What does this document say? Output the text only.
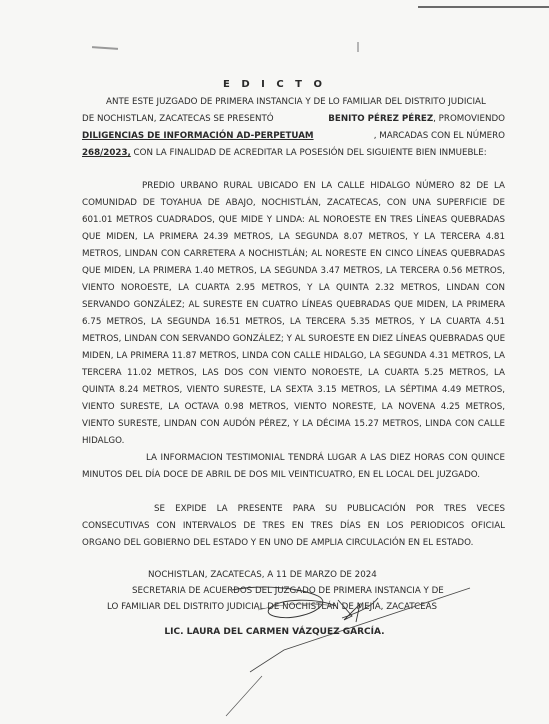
E D I C T O
ANTE ESTE JUZGADO DE PRIMERA INSTANCIA Y DE LO FAMILIAR DEL DISTRITO JUDICIAL
DE NOCHISTLAN, ZACATECAS SE PRESENTÓ	BENITO PÉREZ PÉREZ, PROMOVIENDO
DILIGENCIAS DE INFORMACIÓN AD-PERPETUAM	, MARCADAS CON EL NÚMERO
268/2023, CON LA FINALIDAD DE ACREDITAR LA POSESIÓN DEL SIGUIENTE BIEN INMUEBLE:
PREDIO URBANO RURAL UBICADO EN LA CALLE HIDALGO NÚMERO 82 DE LA
COMUNIDAD DE TOYAHUA DE ABAJO, NOCHISTLÁN, ZACATECAS, CON UNA SUPERFICIE DE
601.01 METROS CUADRADOS, QUE MIDE Y LINDA: AL NOROESTE EN TRES LÍNEAS QUEBRADAS
QUE MIDEN, LA PRIMERA 24.39 METROS, LA SEGUNDA 8.07 METROS, Y LA TERCERA 4.81
METROS, LINDAN CON CARRETERA A NOCHISTLÁN; AL NORESTE EN CINCO LÍNEAS QUEBRADAS
QUE MIDEN, LA PRIMERA 1.40 METROS, LA SEGUNDA 3.47 METROS, LA TERCERA 0.56 METROS,
VIENTO NOROESTE, LA CUARTA 2.95 METROS, Y LA QUINTA 2.32 METROS, LINDAN CON
SERVANDO GONZÁLEZ; AL SURESTE EN CUATRO LÍNEAS QUEBRADAS QUE MIDEN, LA PRIMERA
6.75 METROS, LA SEGUNDA 16.51 METROS, LA TERCERA 5.35 METROS, Y LA CUARTA 4.51
METROS, LINDAN CON SERVANDO GONZÁLEZ; Y AL SUROESTE EN DIEZ LÍNEAS QUEBRADAS QUE
MIDEN, LA PRIMERA 11.87 METROS, LINDA CON CALLE HIDALGO, LA SEGUNDA 4.31 METROS, LA
TERCERA 11.02 METROS, LAS DOS CON VIENTO NOROESTE, LA CUARTA 5.25 METROS, LA
QUINTA 8.24 METROS, VIENTO SURESTE, LA SEXTA 3.15 METROS, LA SÉPTIMA 4.49 METROS,
VIENTO SURESTE, LA OCTAVA 0.98 METROS, VIENTO NORESTE, LA NOVENA 4.25 METROS,
VIENTO SURESTE, LINDAN CON AUDÓN PÉREZ, Y LA DÉCIMA 15.27 METROS, LINDA CON CALLE
HIDALGO.
LA INFORMACION TESTIMONIAL TENDRÁ LUGAR A LAS DIEZ HORAS CON QUINCE
MINUTOS DEL DÍA DOCE DE ABRIL DE DOS MIL VEINTICUATRO, EN EL LOCAL DEL JUZGADO.
SE EXPIDE LA PRESENTE PARA SU PUBLICACIÓN POR TRES VECES
CONSECUTIVAS CON INTERVALOS DE TRES EN TRES DÍAS EN LOS PERIODICOS OFICIAL
ORGANO DEL GOBIERNO DEL ESTADO Y EN UNO DE AMPLIA CIRCULACIÓN EN EL ESTADO.
NOCHISTLAN, ZACATECAS, A 11 DE MARZO DE 2024
SECRETARIA DE ACUERDOS DEL JUZGADO DE PRIMERA INSTANCIA Y DE
LO FAMILIAR DEL DISTRITO JUDICIAL DE NOCHISTLÁN DE MEJÍA, ZACATCEAS
LIC. LAURA DEL CARMEN VÁZQUEZ GARCÍA.
